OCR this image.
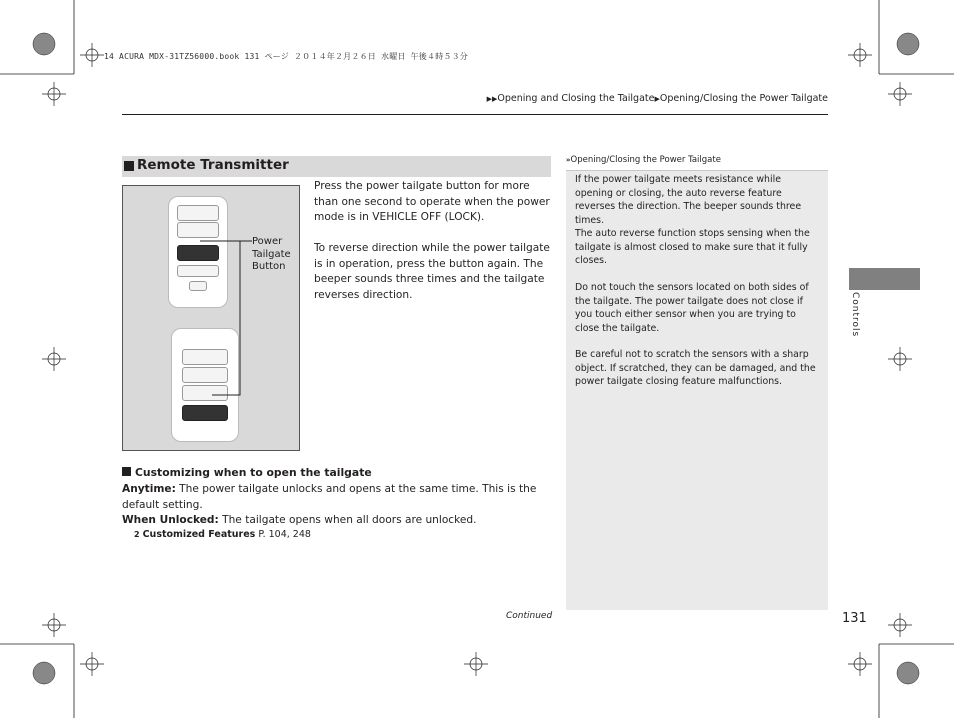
14 ACURA MDX-31TZ56000.book 131 ページ ２０１４年２月２６日 水曜日 午後４時５３分
▶▶Opening and Closing the Tailgate▶Opening/Closing the Power Tailgate
Remote Transmitter
Power
Tailgate
Button
Press the power tailgate button for more than one second to operate when the power mode is in VEHICLE OFF (LOCK).
To reverse direction while the power tailgate is in operation, press the button again. The beeper sounds three times and the tailgate reverses direction.
Customizing when to open the tailgate
Anytime: The power tailgate unlocks and opens at the same time. This is the default setting.
When Unlocked: The tailgate opens when all doors are unlocked.
2 Customized Features P. 104, 248
»Opening/Closing the Power Tailgate
If the power tailgate meets resistance while opening or closing, the auto reverse feature reverses the direction. The beeper sounds three times.
The auto reverse function stops sensing when the tailgate is almost closed to make sure that it fully closes.
Do not touch the sensors located on both sides of the tailgate. The power tailgate does not close if you touch either sensor when you are trying to close the tailgate.
Be careful not to scratch the sensors with a sharp object. If scratched, they can be damaged, and the power tailgate closing feature malfunctions.
Controls
Continued	131
